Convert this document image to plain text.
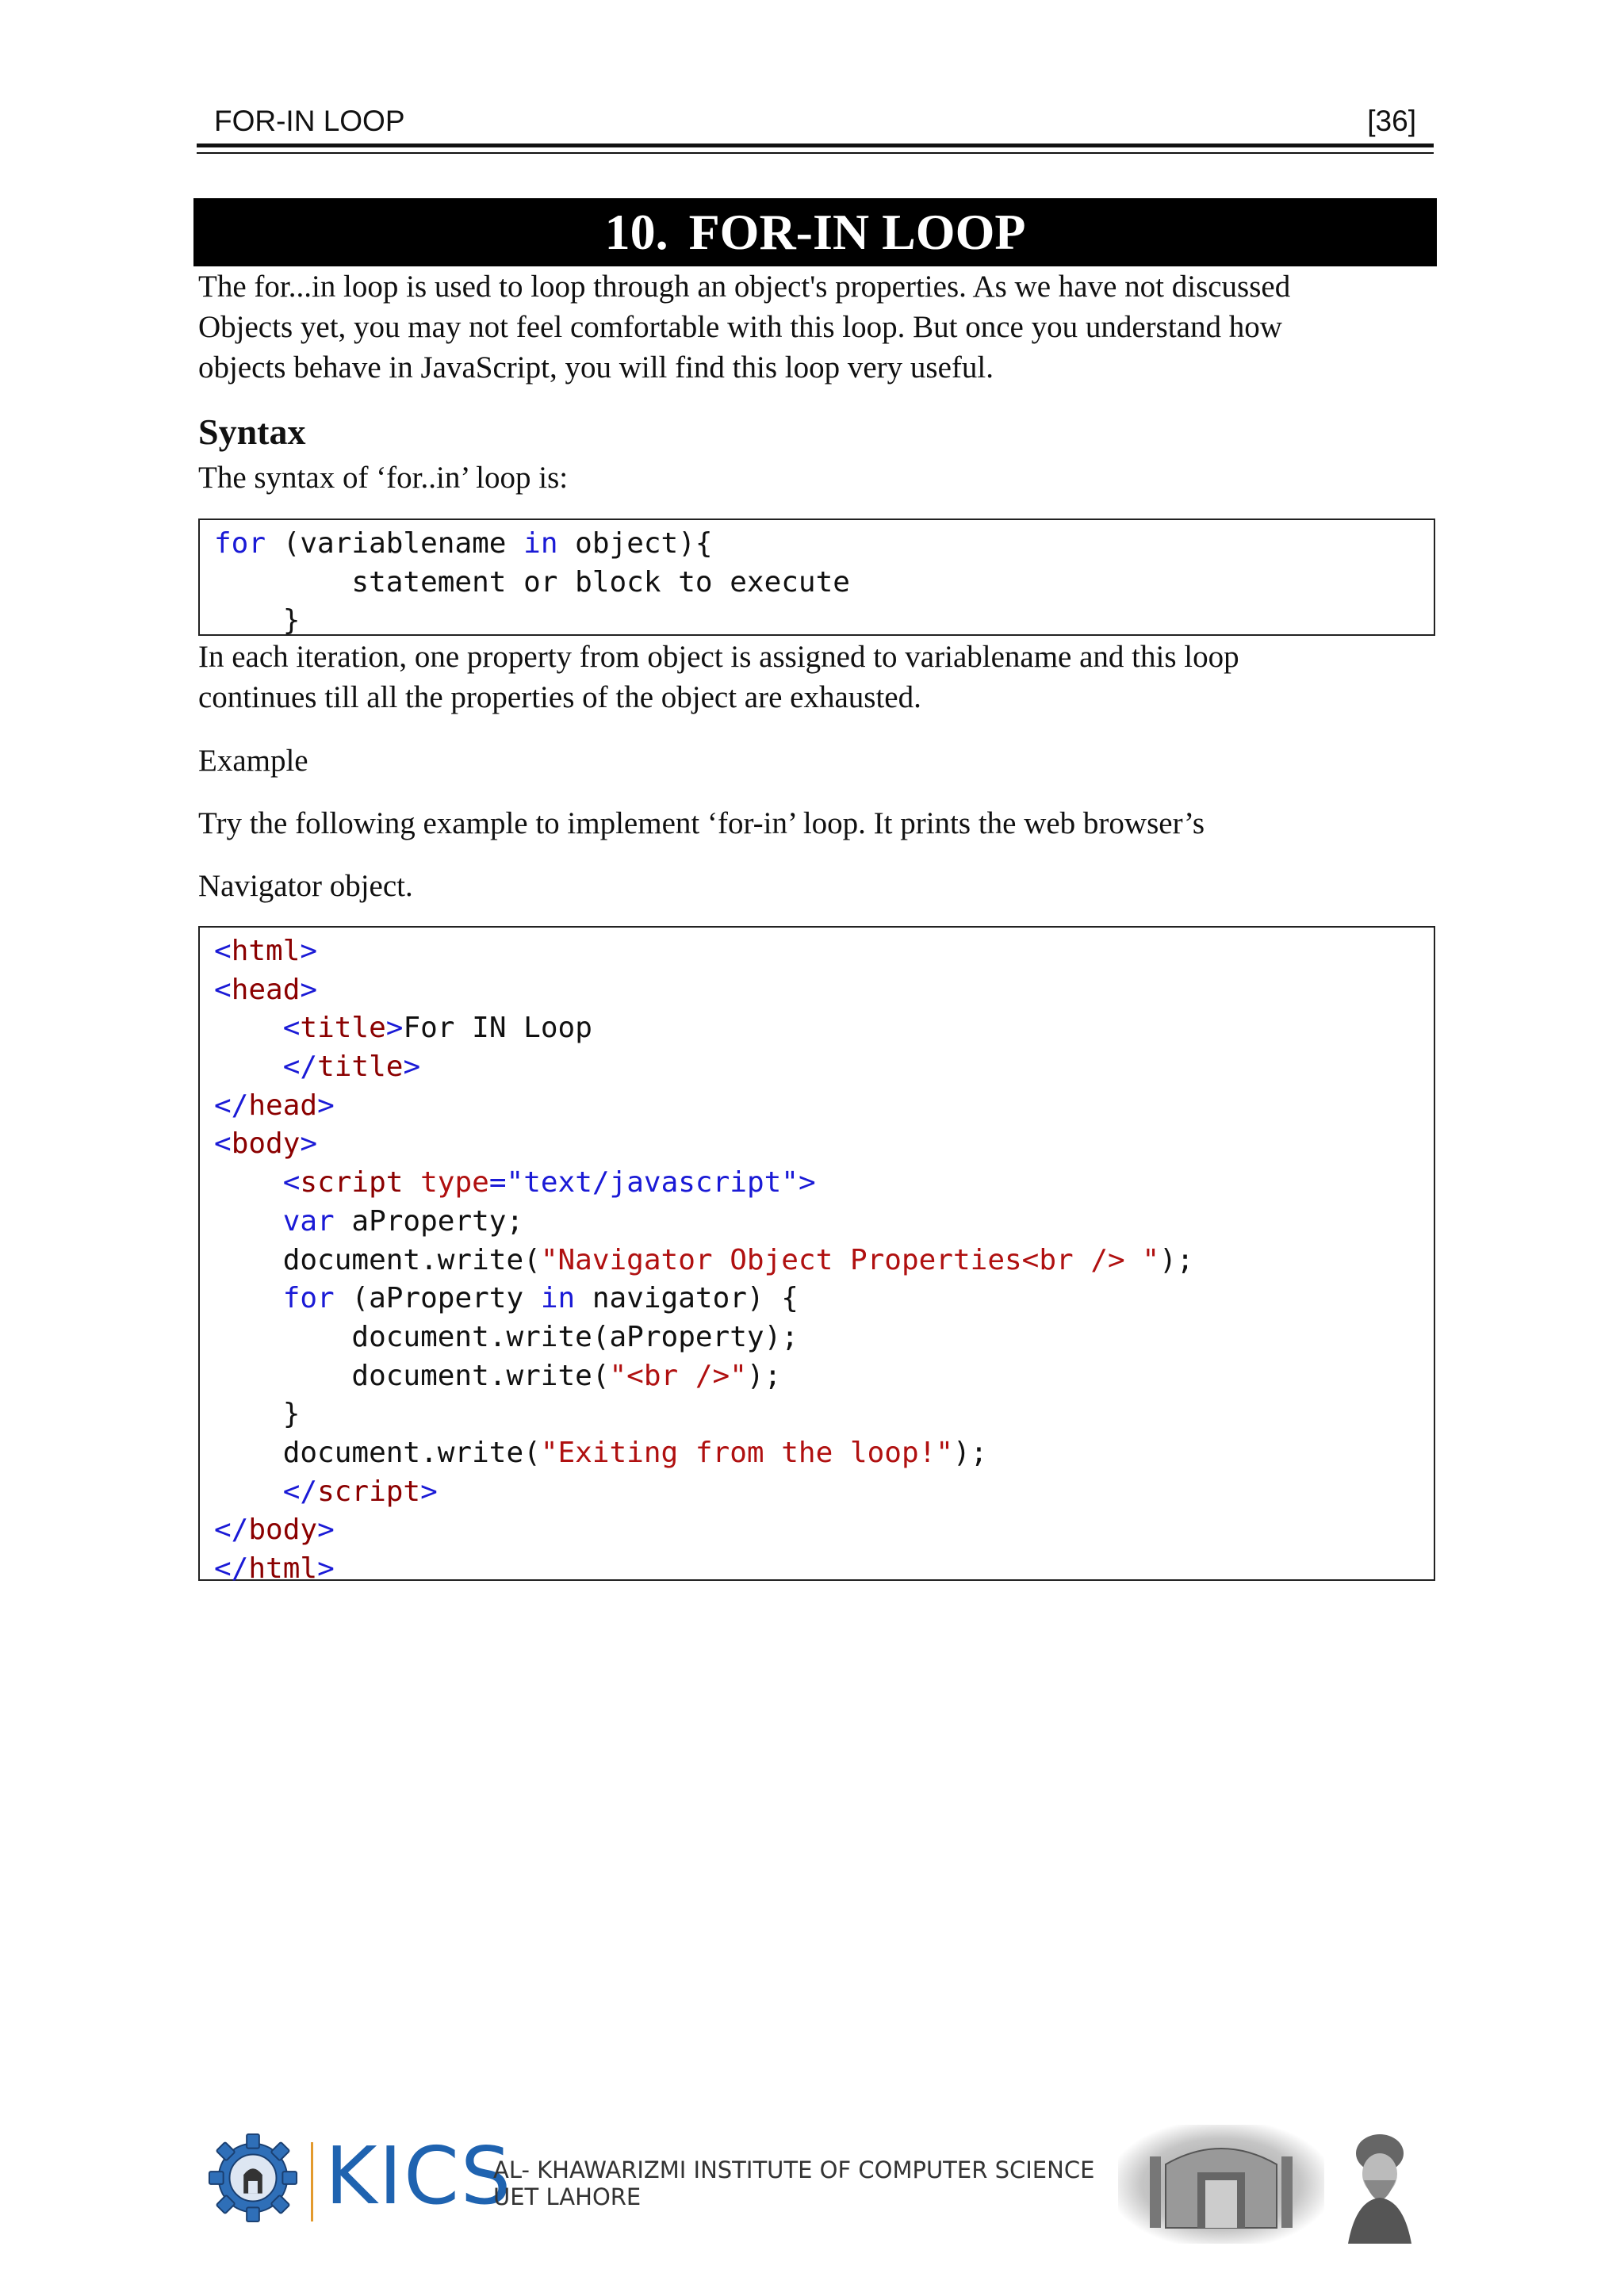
FOR-IN LOOP	[36]
10. FOR-IN LOOP
The for...in loop is used to loop through an object's properties. As we have not discussed
Objects yet, you may not feel comfortable with this loop. But once you understand how
objects behave in JavaScript, you will find this loop very useful.
Syntax

The syntax of ‘for..in’ loop is:

for (variablename in object){
statement or block to execute
}
In each iteration, one property from object is assigned to variablename and this loop
continues till all the properties of the object are exhausted.

Example

Try the following example to implement ‘for-in’ loop. It prints the web browser’s

Navigator object.

<html>
<head>
<title>For IN Loop
</title>
</head>
<body>
<script type="text/javascript">
var aProperty;
document.write("Navigator Object Properties<br /> ");
for (aProperty in navigator) {
document.write(aProperty);
document.write("<br />");
}
document.write("Exiting from the loop!");
</script>
</body>
</html>
KICS
AL- KHAWARIZMI INSTITUTE OF COMPUTER SCIENCE
UET LAHORE
